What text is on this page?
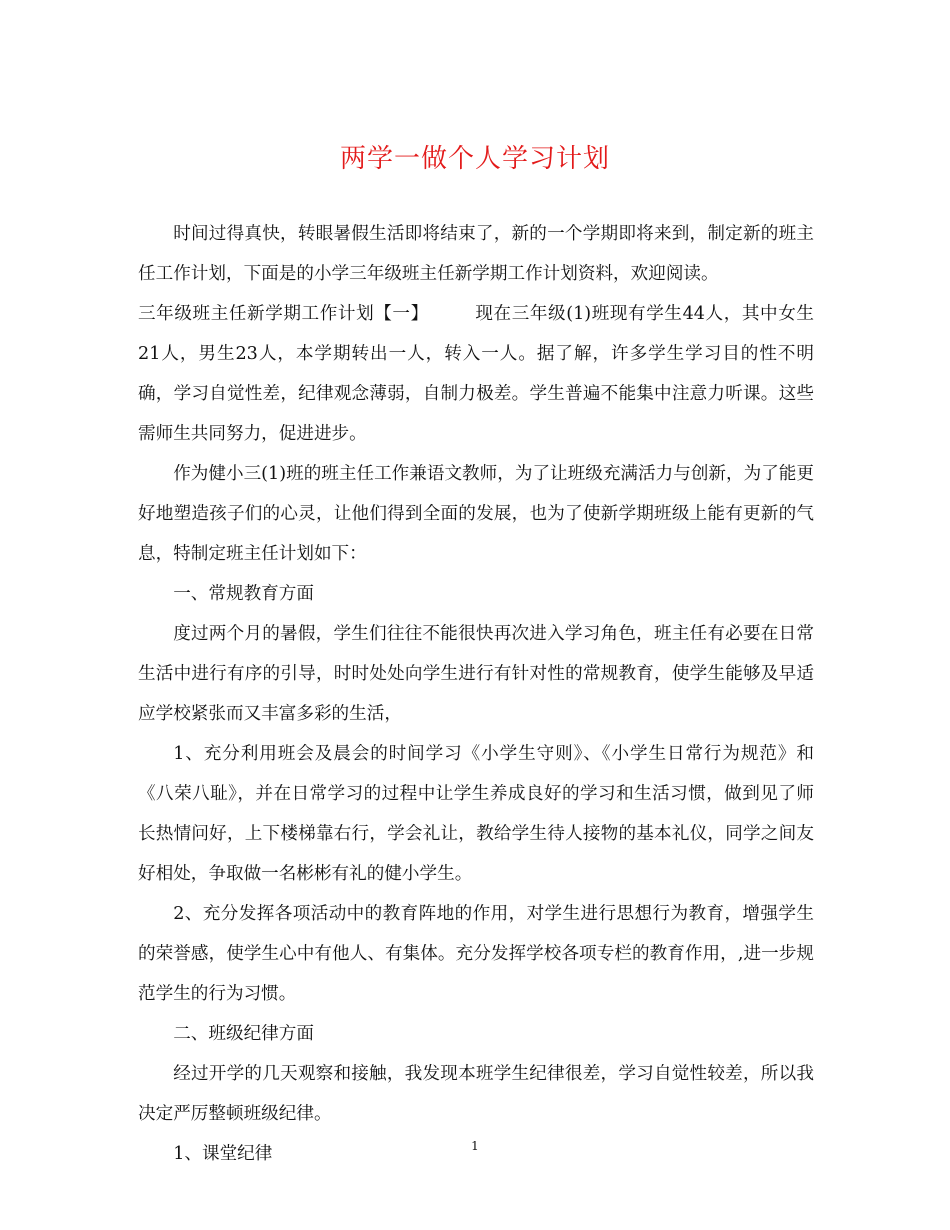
两学一做个人学习计划

时间过得真快，转眼暑假生活即将结束了，新的一个学期即将来到，制定新的班主任工作计划，下面是的小学三年级班主任新学期工作计划资料，欢迎阅读。

三年级班主任新学期工作计划【一】	现在三年级(1)班现有学生44人，其中女生21人，男生23人，本学期转出一人，转入一人。据了解，许多学生学习目的性不明确，学习自觉性差，纪律观念薄弱，自制力极差。学生普遍不能集中注意力听课。这些需师生共同努力，促进进步。

作为健小三(1)班的班主任工作兼语文教师，为了让班级充满活力与创新，为了能更好地塑造孩子们的心灵，让他们得到全面的发展，也为了使新学期班级上能有更新的气息，特制定班主任计划如下：

一、常规教育方面

度过两个月的暑假，学生们往往不能很快再次进入学习角色，班主任有必要在日常生活中进行有序的引导，时时处处向学生进行有针对性的常规教育，使学生能够及早适应学校紧张而又丰富多彩的生活，

1、充分利用班会及晨会的时间学习《小学生守则》、《小学生日常行为规范》和《八荣八耻》，并在日常学习的过程中让学生养成良好的学习和生活习惯，做到见了师长热情问好，上下楼梯靠右行，学会礼让，教给学生待人接物的基本礼仪，同学之间友好相处，争取做一名彬彬有礼的健小学生。

2、充分发挥各项活动中的教育阵地的作用，对学生进行思想行为教育，增强学生的荣誉感，使学生心中有他人、有集体。充分发挥学校各项专栏的教育作用，,进一步规范学生的行为习惯。

二、班级纪律方面

经过开学的几天观察和接触，我发现本班学生纪律很差，学习自觉性较差，所以我决定严厉整顿班级纪律。

1、课堂纪律	1
